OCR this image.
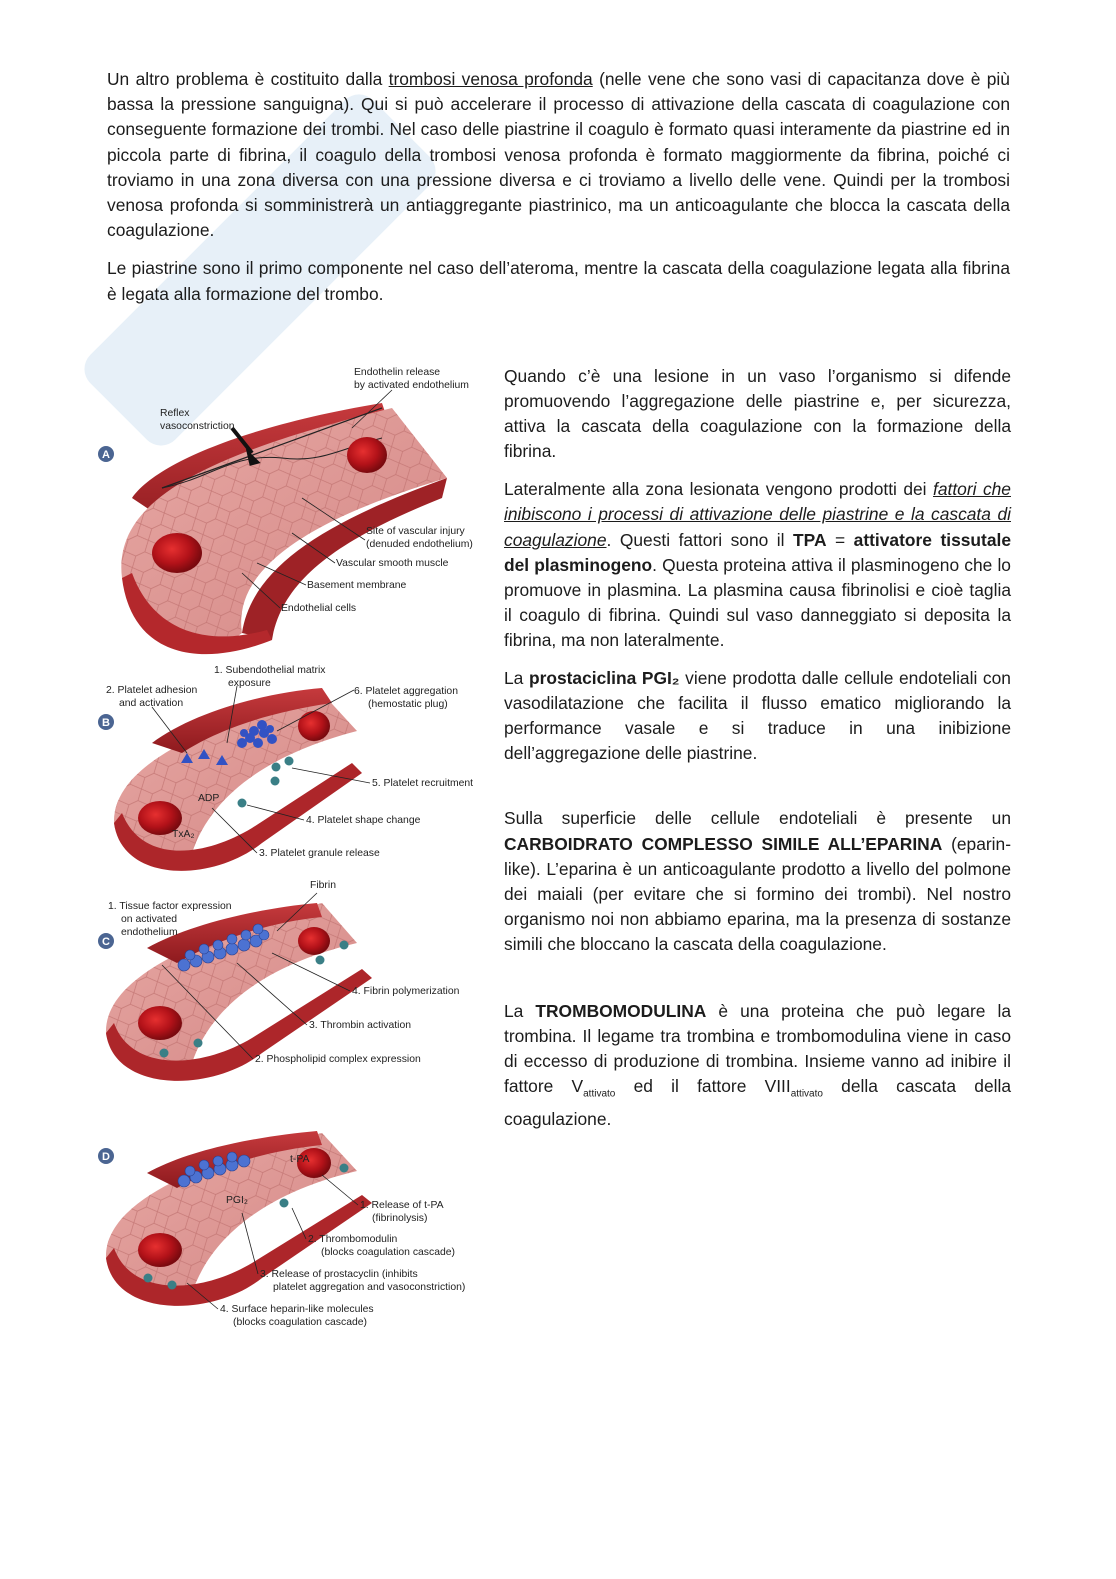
Un altro problema è costituito dalla trombosi venosa profonda (nelle vene che sono vasi di capacitanza dove è più bassa la pressione sanguigna). Qui si può accelerare il processo di attivazione della cascata di coagulazione con conseguente formazione dei trombi. Nel caso delle piastrine il coagulo è formato quasi interamente da piastrine ed in piccola parte di fibrina, il coagulo della trombosi venosa profonda è formato maggiormente da fibrina, poiché ci troviamo in una zona diversa con una pressione diversa e ci troviamo a livello delle vene. Quindi per la trombosi venosa profonda si somministrerà un antiaggregante piastrinico, ma un anticoagulante che blocca la cascata della coagulazione.

Le piastrine sono il primo componente nel caso dell’ateroma, mentre la cascata della coagulazione legata alla fibrina è legata alla formazione del trombo.

A
Endothelin release
by activated endothelium
Reflex
vasoconstriction
Site of vascular injury
(denuded endothelium)
Vascular smooth muscle
Basement membrane
Endothelial cells
B
1. Subendothelial matrix
exposure
2. Platelet adhesion
and activation
6. Platelet aggregation
(hemostatic plug)
5. Platelet recruitment
ADP
TxA₂
4. Platelet shape change
3. Platelet granule release
C
Fibrin
1. Tissue factor expression
on activated
endothelium
4. Fibrin polymerization
3. Thrombin activation
2. Phospholipid complex expression
D	t-PA
PGI₂	1. Release of t-PA
(fibrinolysis)
2. Thrombomodulin
(blocks coagulation cascade)
3. Release of prostacyclin (inhibits
platelet aggregation and vasoconstriction)
4. Surface heparin-like molecules
(blocks coagulation cascade)

Quando c’è una lesione in un vaso l’organismo si difende promuovendo l’aggregazione delle piastrine e, per sicurezza, attiva la cascata della coagulazione con la formazione della fibrina.

Lateralmente alla zona lesionata vengono prodotti dei fattori che inibiscono i processi di attivazione delle piastrine e la cascata di coagulazione. Questi fattori sono il TPA = attivatore tissutale del plasminogeno. Questa proteina attiva il plasminogeno che lo promuove in plasmina. La plasmina causa fibrinolisi e cioè taglia il coagulo di fibrina. Quindi sul vaso danneggiato si deposita la fibrina, ma non lateralmente.

La prostaciclina PGI₂ viene prodotta dalle cellule endoteliali con vasodilatazione che facilita il flusso ematico migliorando la performance vasale e si traduce in una inibizione dell’aggregazione delle piastrine.

Sulla superficie delle cellule endoteliali è presente un CARBOIDRATO COMPLESSO SIMILE ALL’EPARINA (eparin-like). L’eparina è un anticoagulante prodotto a livello del polmone dei maiali (per evitare che si formino dei trombi). Nel nostro organismo noi non abbiamo eparina, ma la presenza di sostanze simili che bloccano la cascata della coagulazione.

La TROMBOMODULINA è una proteina che può legare la trombina. Il legame tra trombina e trombomodulina viene in caso di eccesso di produzione di trombina. Insieme vanno ad inibire il fattore $V_{attivato}$ ed il fattore $VIII_{attivato}$ della cascata della coagulazione.
